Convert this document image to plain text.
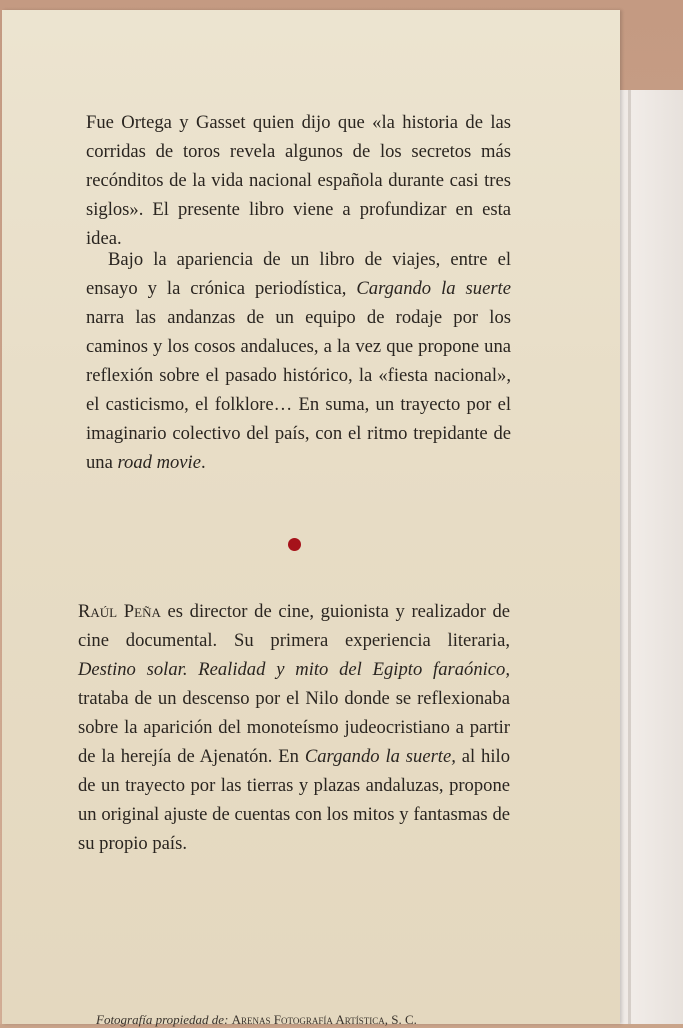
Fue Ortega y Gasset quien dijo que «la historia de las corridas de toros revela algunos de los secretos más recónditos de la vida nacional española durante casi tres siglos». El presente libro viene a profundizar en esta idea.

Bajo la apariencia de un libro de viajes, entre el ensayo y la crónica periodística, Cargando la suerte narra las andanzas de un equipo de rodaje por los caminos y los cosos andaluces, a la vez que propone una reflexión sobre el pasado histórico, la «fiesta nacional», el casticismo, el folklore… En suma, un trayecto por el imaginario colectivo del país, con el ritmo trepidante de una road movie.

Raúl Peña es director de cine, guionista y realizador de cine documental. Su primera experiencia literaria, Destino solar. Realidad y mito del Egipto faraónico, trataba de un descenso por el Nilo donde se reflexionaba sobre la aparición del monoteísmo judeocristiano a partir de la herejía de Ajenatón. En Cargando la suerte, al hilo de un trayecto por las tierras y plazas andaluzas, propone un original ajuste de cuentas con los mitos y fantasmas de su propio país.

Fotografía propiedad de: Arenas Fotografía Artística, S. C.
